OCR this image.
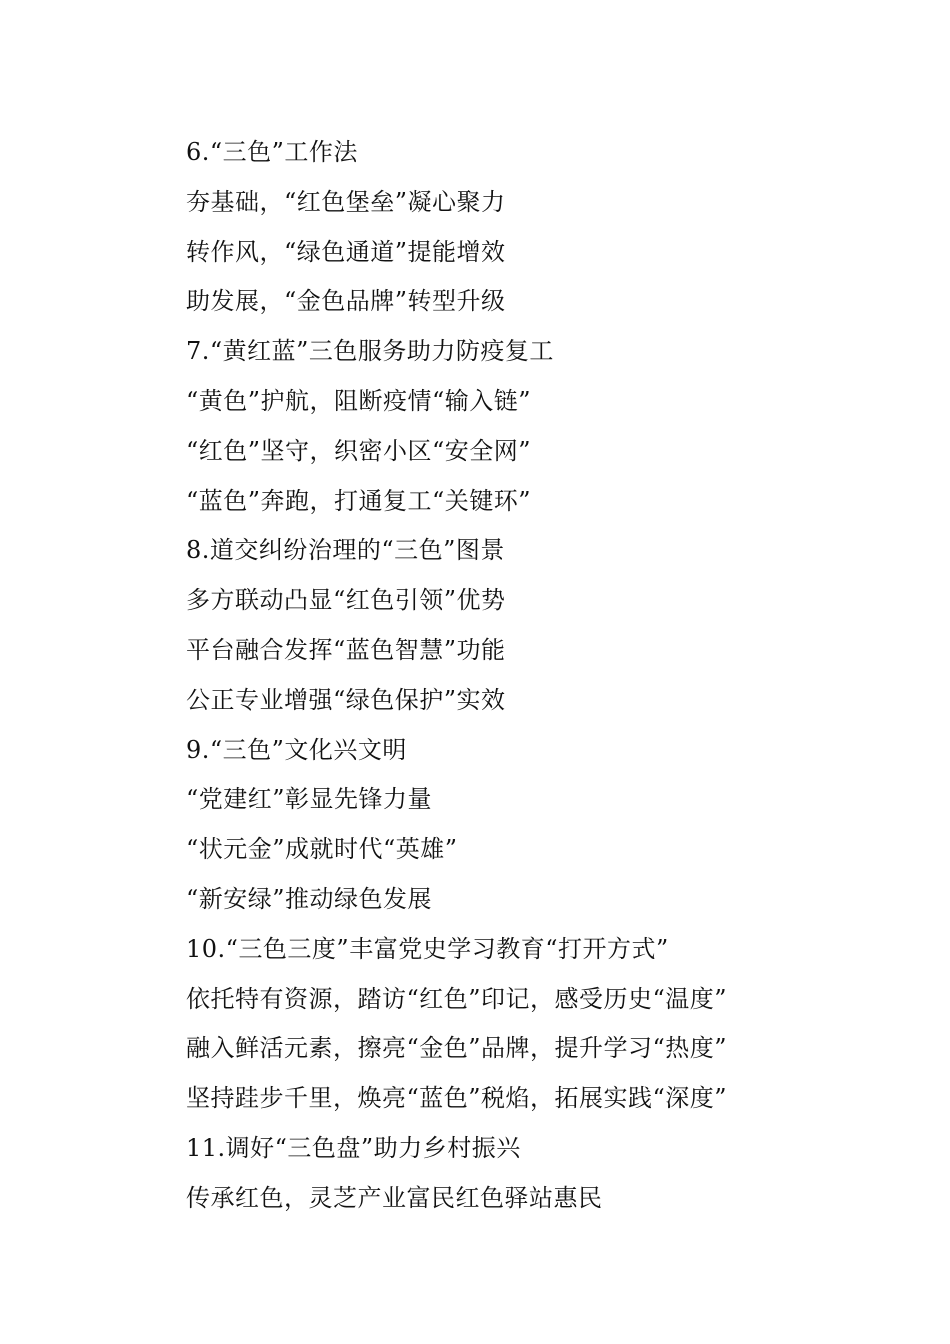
6.“三色”工作法
夯基础，“红色堡垒”凝心聚力
转作风，“绿色通道”提能增效
助发展，“金色品牌”转型升级
7.“黄红蓝”三色服务助力防疫复工
“黄色”护航，阻断疫情“输入链”
“红色”坚守，织密小区“安全网”
“蓝色”奔跑，打通复工“关键环”
8.道交纠纷治理的“三色”图景
多方联动凸显“红色引领”优势
平台融合发挥“蓝色智慧”功能
公正专业增强“绿色保护”实效
9.“三色”文化兴文明
“党建红”彰显先锋力量
“状元金”成就时代“英雄”
“新安绿”推动绿色发展
10.“三色三度”丰富党史学习教育“打开方式”
依托特有资源，踏访“红色”印记，感受历史“温度”
融入鲜活元素，擦亮“金色”品牌，提升学习“热度”
坚持跬步千里，焕亮“蓝色”税焰，拓展实践“深度”
11.调好“三色盘”助力乡村振兴
传承红色，灵芝产业富民红色驿站惠民
